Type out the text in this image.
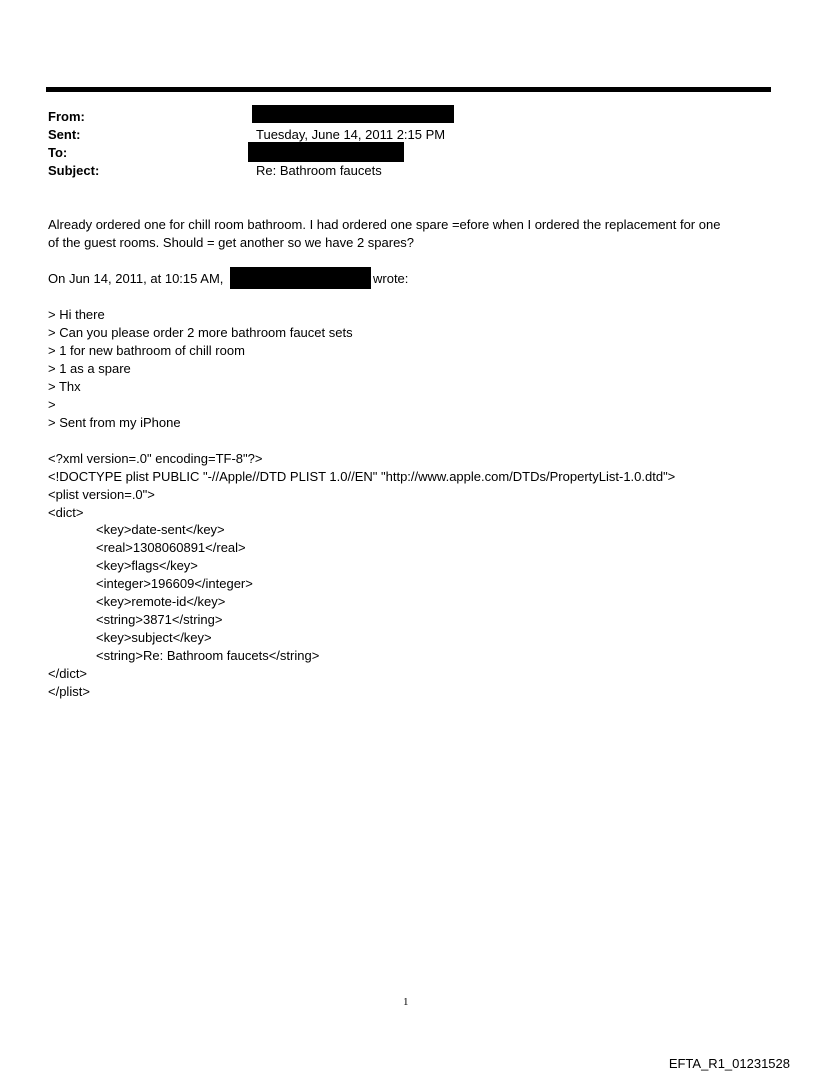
From:
Sent:	Tuesday, June 14, 2011 2:15 PM
To:
Subject:	Re: Bathroom faucets
Already ordered one for chill room bathroom. I had ordered one spare =efore when I ordered the replacement for one
of the guest rooms. Should = get another so we have 2 spares?
On Jun 14, 2011, at 10:15 AM,	wrote:
> Hi there
> Can you please order 2 more bathroom faucet sets
> 1 for new bathroom of chill room
> 1 as a spare
> Thx
>
> Sent from my iPhone
<?xml version=.0" encoding=TF-8"?>
<!DOCTYPE plist PUBLIC "-//Apple//DTD PLIST 1.0//EN" "http://www.apple.com/DTDs/PropertyList-1.0.dtd">
<plist version=.0">
<dict>
<key>date-sent</key>
<real>1308060891</real>
<key>flags</key>
<integer>196609</integer>
<key>remote-id</key>
<string>3871</string>
<key>subject</key>
<string>Re: Bathroom faucets</string>
</dict>
</plist>
1
EFTA_R1_01231528
